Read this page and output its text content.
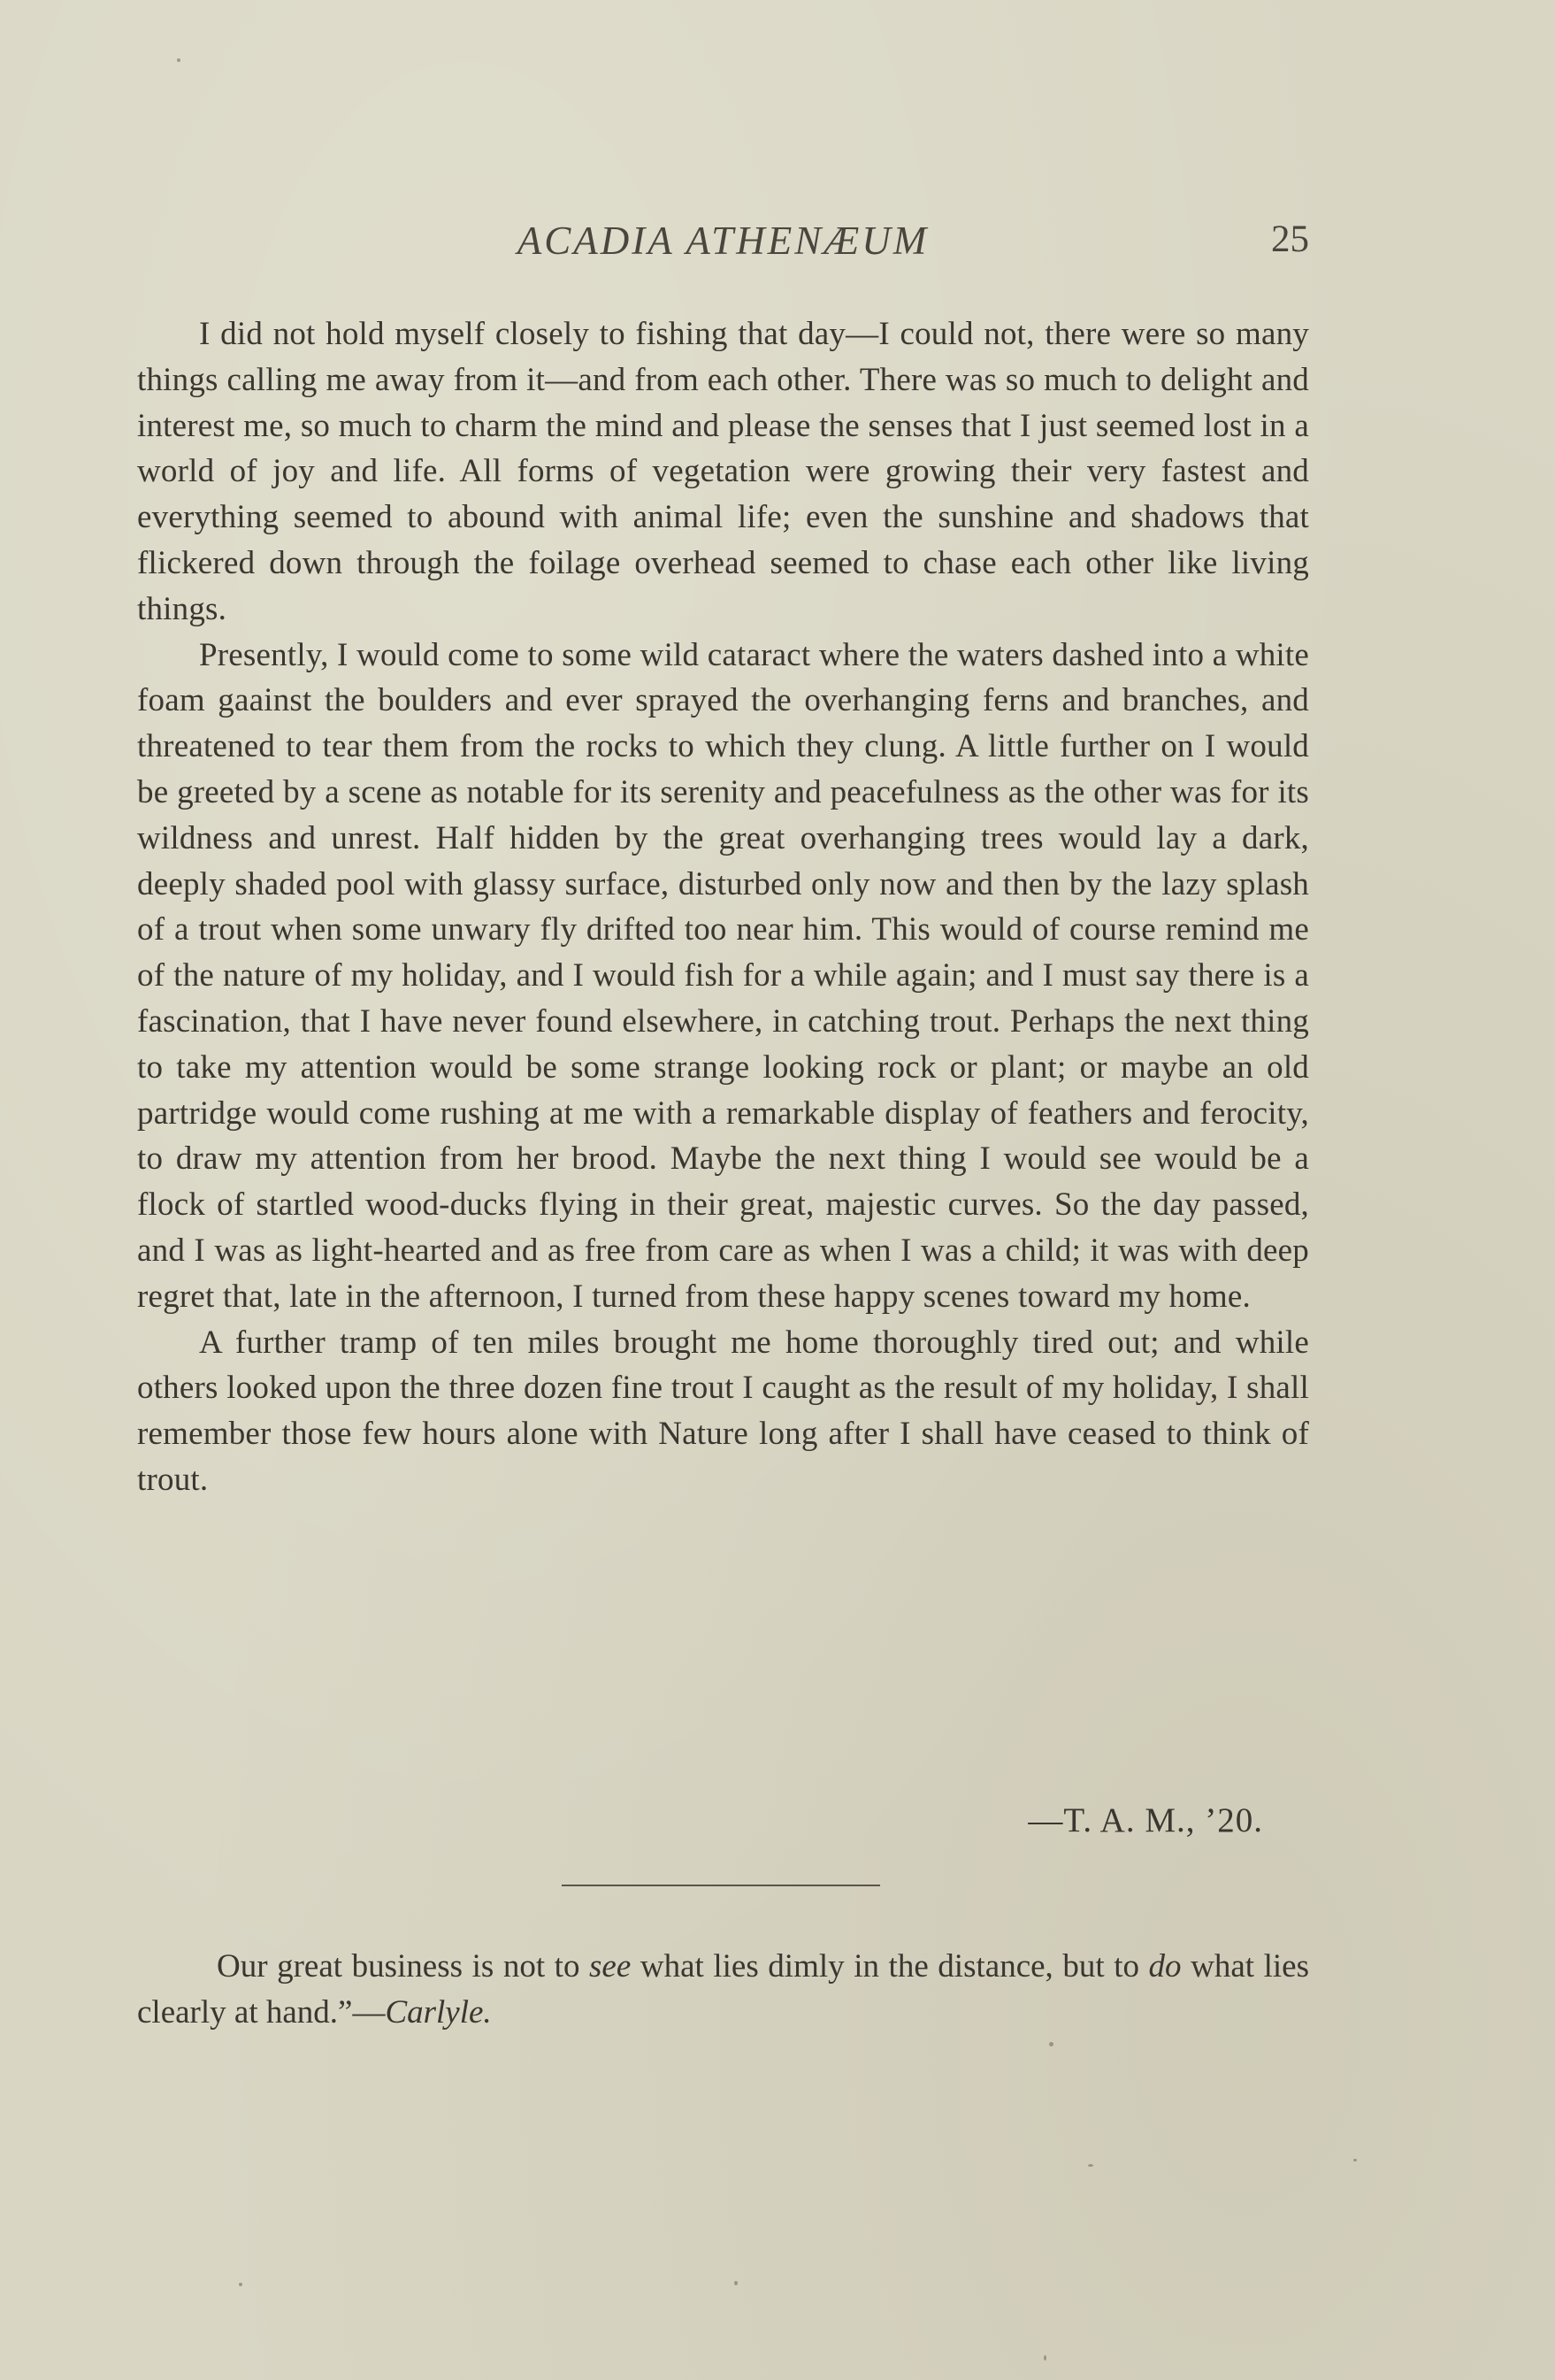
ACADIA ATHENÆUM	25

I did not hold myself closely to fishing that day—I could not, there were so many things calling me away from it—and from each other. There was so much to delight and interest me, so much to charm the mind and please the senses that I just seemed lost in a world of joy and life. All forms of vegetation were growing their very fastest and everything seemed to abound with animal life; even the sunshine and shadows that flickered down through the foilage overhead seemed to chase each other like living things.

Presently, I would come to some wild cataract where the waters dashed into a white foam gaainst the boulders and ever sprayed the overhanging ferns and branches, and threatened to tear them from the rocks to which they clung. A little further on I would be greeted by a scene as notable for its serenity and peacefulness as the other was for its wildness and unrest. Half hidden by the great overhanging trees would lay a dark, deeply shaded pool with glassy surface, disturbed only now and then by the lazy splash of a trout when some unwary fly drifted too near him. This would of course remind me of the nature of my holiday, and I would fish for a while again; and I must say there is a fascination, that I have never found elsewhere, in catching trout. Perhaps the next thing to take my attention would be some strange looking rock or plant; or maybe an old partridge would come rushing at me with a remarkable display of feathers and ferocity, to draw my attention from her brood. Maybe the next thing I would see would be a flock of startled wood-ducks flying in their great, majestic curves. So the day passed, and I was as light-hearted and as free from care as when I was a child; it was with deep regret that, late in the afternoon, I turned from these happy scenes toward my home.

A further tramp of ten miles brought me home thoroughly tired out; and while others looked upon the three dozen fine trout I caught as the result of my holiday, I shall remember those few hours alone with Nature long after I shall have ceased to think of trout.

—T. A. M., ’20.

Our great business is not to see what lies dimly in the distance, but to do what lies clearly at hand.”—Carlyle.
